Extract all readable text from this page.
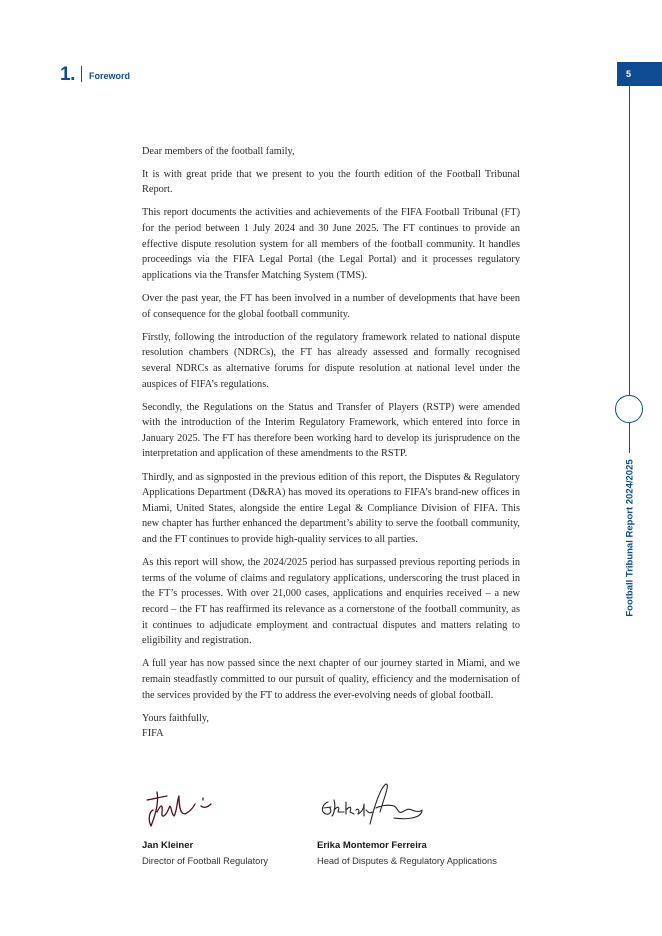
1. Foreword	5
Football Tribunal Report 2024/2025

Dear members of the football family,

It is with great pride that we present to you the fourth edition of the Football Tribunal Report.

This report documents the activities and achievements of the FIFA Football Tribunal (FT) for the period between 1 July 2024 and 30 June 2025. The FT continues to provide an effective dispute resolution system for all members of the football community. It handles proceedings via the FIFA Legal Portal (the Legal Portal) and it processes regulatory applications via the Transfer Matching System (TMS).

Over the past year, the FT has been involved in a number of developments that have been of consequence for the global football community.

Firstly, following the introduction of the regulatory framework related to national dispute resolution chambers (NDRCs), the FT has already assessed and formally recognised several NDRCs as alternative forums for dispute resolution at national level under the auspices of FIFA’s regulations.

Secondly, the Regulations on the Status and Transfer of Players (RSTP) were amended with the introduction of the Interim Regulatory Framework, which entered into force in January 2025. The FT has therefore been working hard to develop its jurisprudence on the interpretation and application of these amendments to the RSTP.

Thirdly, and as signposted in the previous edition of this report, the Disputes & Regulatory Applications Department (D&RA) has moved its operations to FIFA’s brand-new offices in Miami, United States, alongside the entire Legal & Compliance Division of FIFA. This new chapter has further enhanced the department’s ability to serve the football community, and the FT continues to provide high-quality services to all parties.

As this report will show, the 2024/2025 period has surpassed previous reporting periods in terms of the volume of claims and regulatory applications, underscoring the trust placed in the FT’s processes. With over 21,000 cases, applications and enquiries received – a new record – the FT has reaffirmed its relevance as a cornerstone of the football community, as it continues to adjudicate employment and contractual disputes and matters relating to eligibility and registration.

A full year has now passed since the next chapter of our journey started in Miami, and we remain steadfastly committed to our pursuit of quality, efficiency and the modernisation of the services provided by the FT to address the ever-evolving needs of global football.

Yours faithfully,
FIFA
Jan Kleiner
Director of Football Regulatory
Erika Montemor Ferreira
Head of Disputes & Regulatory Applications
